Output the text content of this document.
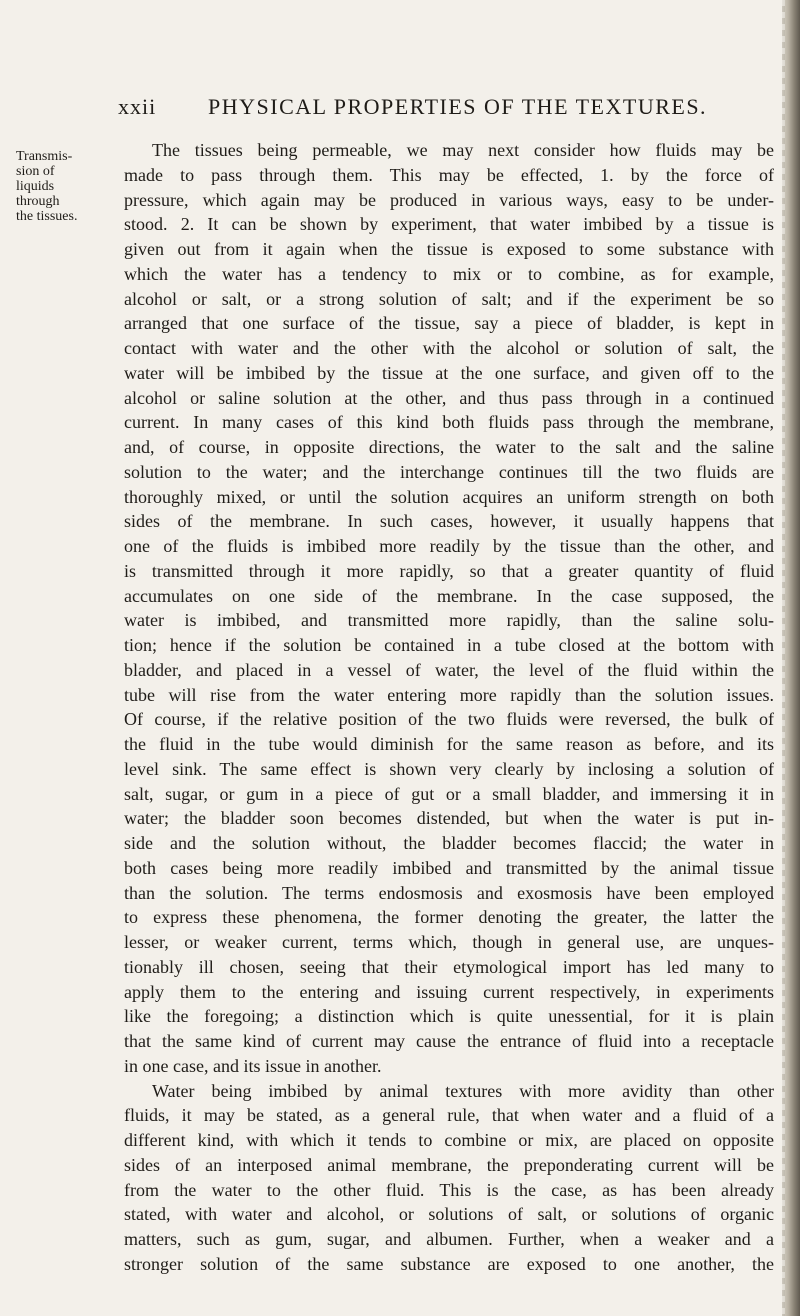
xxii PHYSICAL PROPERTIES OF THE TEXTURES.
Transmis-
sion of
liquids
through
the tissues.
The tissues being permeable, we may next consider how fluids may be
made to pass through them. This may be effected, 1. by the force of
pressure, which again may be produced in various ways, easy to be under-
stood. 2. It can be shown by experiment, that water imbibed by a tissue is
given out from it again when the tissue is exposed to some substance with
which the water has a tendency to mix or to combine, as for example,
alcohol or salt, or a strong solution of salt; and if the experiment be so
arranged that one surface of the tissue, say a piece of bladder, is kept in
contact with water and the other with the alcohol or solution of salt, the
water will be imbibed by the tissue at the one surface, and given off to the
alcohol or saline solution at the other, and thus pass through in a continued
current. In many cases of this kind both fluids pass through the membrane,
and, of course, in opposite directions, the water to the salt and the saline
solution to the water; and the interchange continues till the two fluids are
thoroughly mixed, or until the solution acquires an uniform strength on both
sides of the membrane. In such cases, however, it usually happens that
one of the fluids is imbibed more readily by the tissue than the other, and
is transmitted through it more rapidly, so that a greater quantity of fluid
accumulates on one side of the membrane. In the case supposed, the
water is imbibed, and transmitted more rapidly, than the saline solu-
tion; hence if the solution be contained in a tube closed at the bottom with
bladder, and placed in a vessel of water, the level of the fluid within the
tube will rise from the water entering more rapidly than the solution issues.
Of course, if the relative position of the two fluids were reversed, the bulk of
the fluid in the tube would diminish for the same reason as before, and its
level sink. The same effect is shown very clearly by inclosing a solution of
salt, sugar, or gum in a piece of gut or a small bladder, and immersing it in
water; the bladder soon becomes distended, but when the water is put in-
side and the solution without, the bladder becomes flaccid; the water in
both cases being more readily imbibed and transmitted by the animal tissue
than the solution. The terms endosmosis and exosmosis have been employed
to express these phenomena, the former denoting the greater, the latter the
lesser, or weaker current, terms which, though in general use, are unques-
tionably ill chosen, seeing that their etymological import has led many to
apply them to the entering and issuing current respectively, in experiments
like the foregoing; a distinction which is quite unessential, for it is plain
that the same kind of current may cause the entrance of fluid into a receptacle
in one case, and its issue in another.
Water being imbibed by animal textures with more avidity than other
fluids, it may be stated, as a general rule, that when water and a fluid of a
different kind, with which it tends to combine or mix, are placed on opposite
sides of an interposed animal membrane, the preponderating current will be
from the water to the other fluid. This is the case, as has been already
stated, with water and alcohol, or solutions of salt, or solutions of organic
matters, such as gum, sugar, and albumen. Further, when a weaker and a
stronger solution of the same substance are exposed to one another, the
